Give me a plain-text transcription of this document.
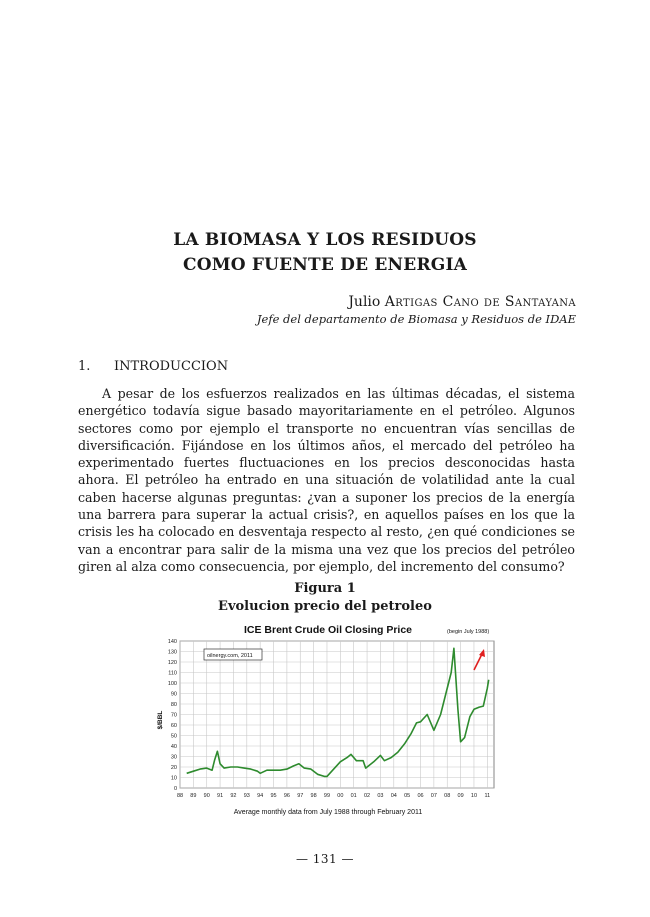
LA BIOMASA Y LOS RESIDUOS
COMO FUENTE DE ENERGIA
Julio Artigas Cano de Santayana
Jefe del departamento de Biomasa y Residuos de IDAE
1. INTRODUCCION

A pesar de los esfuerzos realizados en las últimas décadas, el sistema energético todavía sigue basado mayoritariamente en el petróleo. Algunos sectores como por ejemplo el transporte no encuentran vías sencillas de diversificación. Fijándose en los últimos años, el mercado del petróleo ha experimentado fuertes fluctuaciones en los precios desconocidas hasta ahora. El petróleo ha entrado en una situación de volatilidad ante la cual caben hacerse algunas preguntas: ¿van a suponer los precios de la energía una barrera para superar la actual crisis?, en aquellos países en los que la crisis les ha colocado en desventaja respecto al resto, ¿en qué condiciones se van a encontrar para salir de la misma una vez que los precios del petróleo giren al alza como consecuencia, por ejemplo, del incremento del consumo?

Figura 1
Evolucion precio del petroleo
ICE Brent Crude Oil Closing Price	(begin July 1988)
0
10
20
30
40
50
60
70
80
90
100
110
120
130
140
88 89 90 91 92 93 94 95 96 97 98 99 00 01 02 03 04 05 06 07 08 09 10 11
oilnergy.com, 2011
$/BBL
Average monthly data from July 1988 through February 2011
— 131 —
